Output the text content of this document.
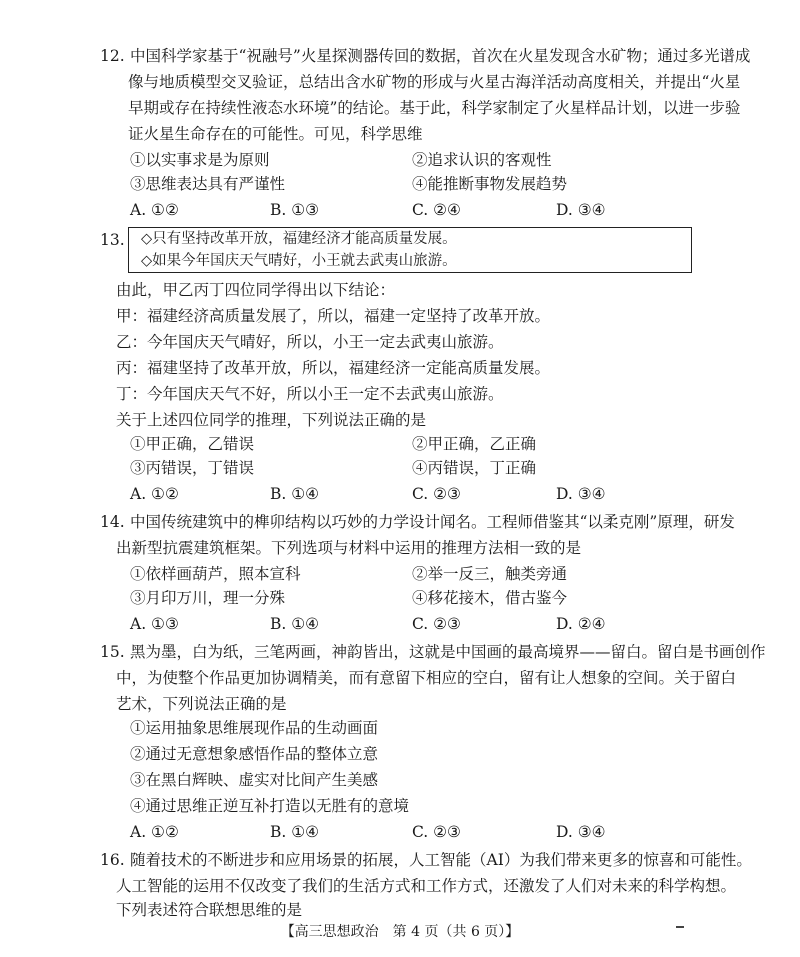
12. 中国科学家基于“祝融号”火星探测器传回的数据，首次在火星发现含水矿物；通过多光谱成
像与地质模型交叉验证，总结出含水矿物的形成与火星古海洋活动高度相关，并提出“火星
早期或存在持续性液态水环境”的结论。基于此，科学家制定了火星样品计划，以进一步验
证火星生命存在的可能性。可见，科学思维
①以实事求是为原则	②追求认识的客观性
③思维表达具有严谨性	④能推断事物发展趋势
A. ①②	B. ①③	C. ②④	D. ③④
13. ◇只有坚持改革开放，福建经济才能高质量发展。
◇如果今年国庆天气晴好，小王就去武夷山旅游。
由此，甲乙丙丁四位同学得出以下结论：
甲：福建经济高质量发展了，所以，福建一定坚持了改革开放。
乙：今年国庆天气晴好，所以，小王一定去武夷山旅游。
丙：福建坚持了改革开放，所以，福建经济一定能高质量发展。
丁：今年国庆天气不好，所以小王一定不去武夷山旅游。
关于上述四位同学的推理，下列说法正确的是
①甲正确，乙错误	②甲正确，乙正确
③丙错误，丁错误	④丙错误，丁正确
A. ①②	B. ①④	C. ②③	D. ③④
14. 中国传统建筑中的榫卯结构以巧妙的力学设计闻名。工程师借鉴其“以柔克刚”原理，研发
出新型抗震建筑框架。下列选项与材料中运用的推理方法相一致的是
①依样画葫芦，照本宣科	②举一反三，触类旁通
③月印万川，理一分殊	④移花接木，借古鉴今
A. ①③	B. ①④	C. ②③	D. ②④
15. 黑为墨，白为纸，三笔两画，神韵皆出，这就是中国画的最高境界——留白。留白是书画创作
中，为使整个作品更加协调精美，而有意留下相应的空白，留有让人想象的空间。关于留白
艺术，下列说法正确的是
①运用抽象思维展现作品的生动画面
②通过无意想象感悟作品的整体立意
③在黑白辉映、虚实对比间产生美感
④通过思维正逆互补打造以无胜有的意境
A. ①②	B. ①④	C. ②③	D. ③④
16. 随着技术的不断进步和应用场景的拓展，人工智能（AI）为我们带来更多的惊喜和可能性。
人工智能的运用不仅改变了我们的生活方式和工作方式，还激发了人们对未来的科学构想。
下列表述符合联想思维的是
【高三思想政治　第 4 页（共 6 页）】
